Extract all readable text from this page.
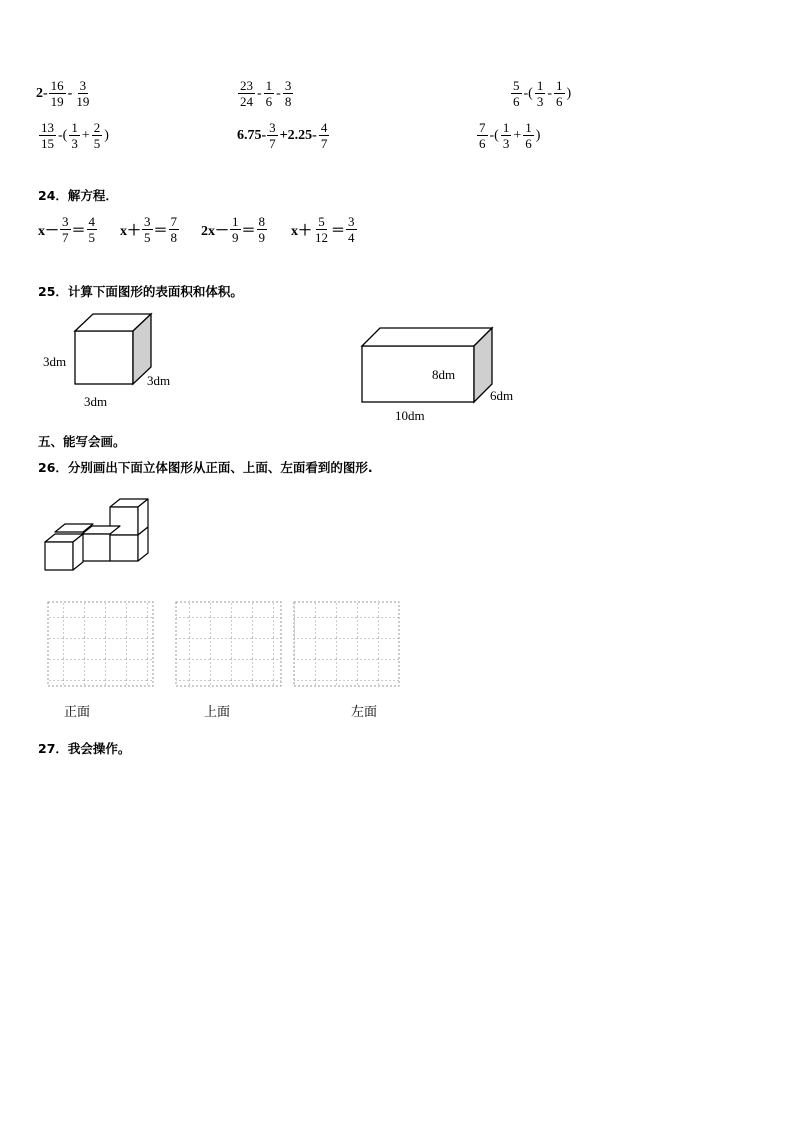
$2- \frac{16}{19} - \frac{3}{19}$	$\frac{23}{24} - \frac{1}{6} - \frac{3}{8}$	$\frac{5}{6}$ -( $\frac{1}{3} - \frac{1}{6}$ )
$\frac{13}{15}$ -( $\frac{1}{3} + \frac{2}{5}$ )	$6.75- \frac{3}{7} +2.25- \frac{4}{7}$	$\frac{7}{6}$ -( $\frac{1}{3} + \frac{1}{6}$ )
24．解方程．
$x- \frac{3}{7} = \frac{4}{5} x+ \frac{3}{5} = \frac{7}{8} 2x- \frac{1}{9} = \frac{8}{9} x+ \frac{5}{12} = \frac{3}{4}$
25．计算下面图形的表面积和体积。
3dm
3dm
3dm
8dm
6dm
10dm
五、能写会画。
26．分别画出下面立体图形从正面、上面、左面看到的图形.
正面	上面	左面
27．我会操作。
